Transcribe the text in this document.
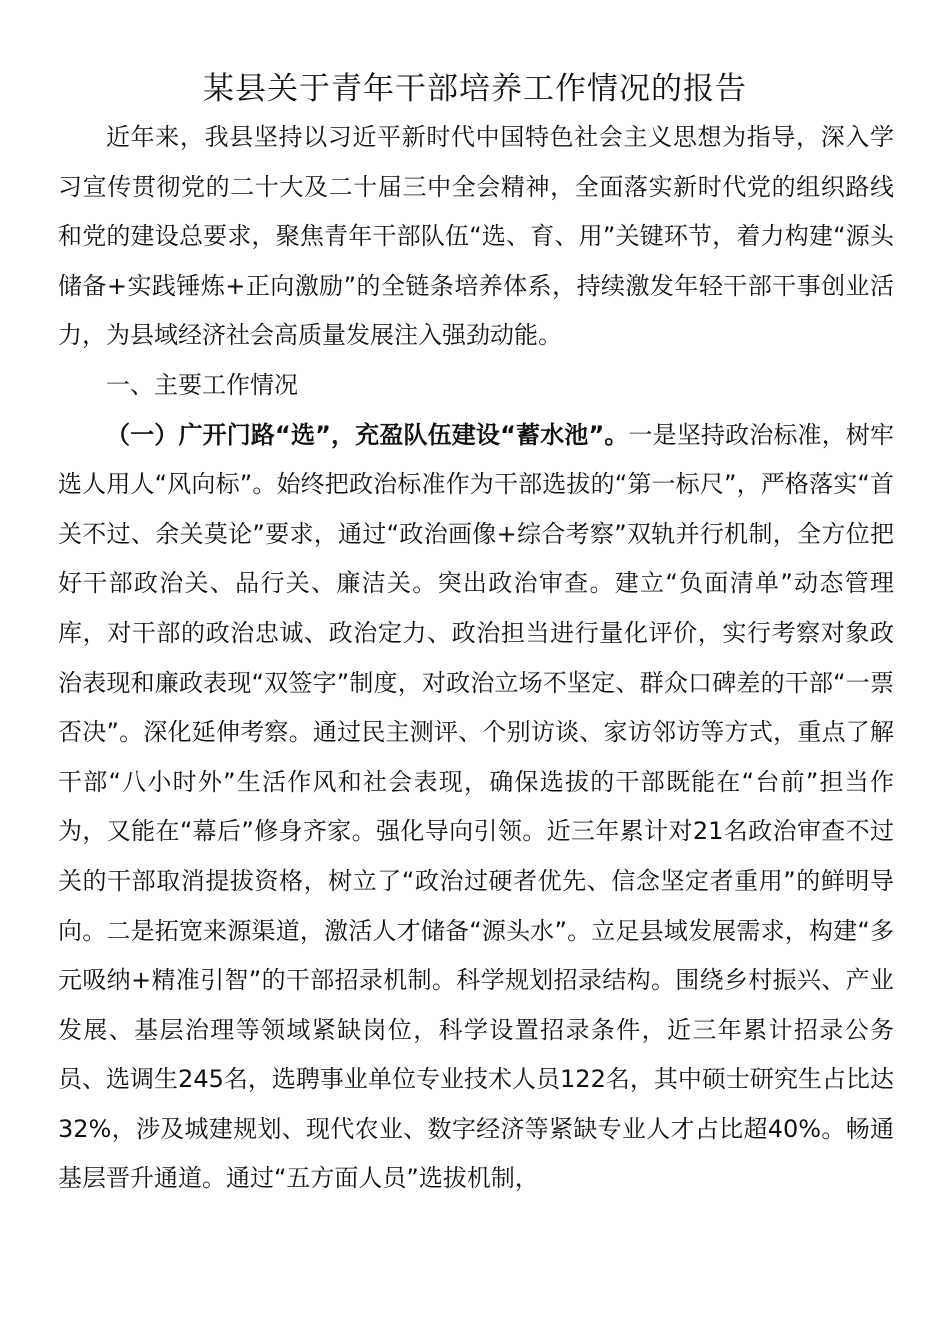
某县关于青年干部培养工作情况的报告

近年来，我县坚持以习近平新时代中国特色社会主义思想为指导，深入学习宣传贯彻党的二十大及二十届三中全会精神，全面落实新时代党的组织路线和党的建设总要求，聚焦青年干部队伍“选、育、用”关键环节，着力构建“源头储备+实践锤炼+正向激励”的全链条培养体系，持续激发年轻干部干事创业活力，为县域经济社会高质量发展注入强劲动能。

一、主要工作情况

（一）广开门路“选”，充盈队伍建设“蓄水池”。一是坚持政治标准，树牢选人用人“风向标”。始终把政治标准作为干部选拔的“第一标尺”，严格落实“首关不过、余关莫论”要求，通过“政治画像+综合考察”双轨并行机制，全方位把好干部政治关、品行关、廉洁关。突出政治审查。建立“负面清单”动态管理库，对干部的政治忠诚、政治定力、政治担当进行量化评价，实行考察对象政治表现和廉政表现“双签字”制度，对政治立场不坚定、群众口碑差的干部“一票否决”。深化延伸考察。通过民主测评、个别访谈、家访邻访等方式，重点了解干部“八小时外”生活作风和社会表现，确保选拔的干部既能在“台前”担当作为，又能在“幕后”修身齐家。强化导向引领。近三年累计对21名政治审查不过关的干部取消提拔资格，树立了“政治过硬者优先、信念坚定者重用”的鲜明导向。二是拓宽来源渠道，激活人才储备“源头水”。立足县域发展需求，构建“多元吸纳+精准引智”的干部招录机制。科学规划招录结构。围绕乡村振兴、产业发展、基层治理等领域紧缺岗位，科学设置招录条件，近三年累计招录公务员、选调生245名，选聘事业单位专业技术人员122名，其中硕士研究生占比达32%，涉及城建规划、现代农业、数字经济等紧缺专业人才占比超40%。畅通基层晋升通道。通过“五方面人员”选拔机制，
